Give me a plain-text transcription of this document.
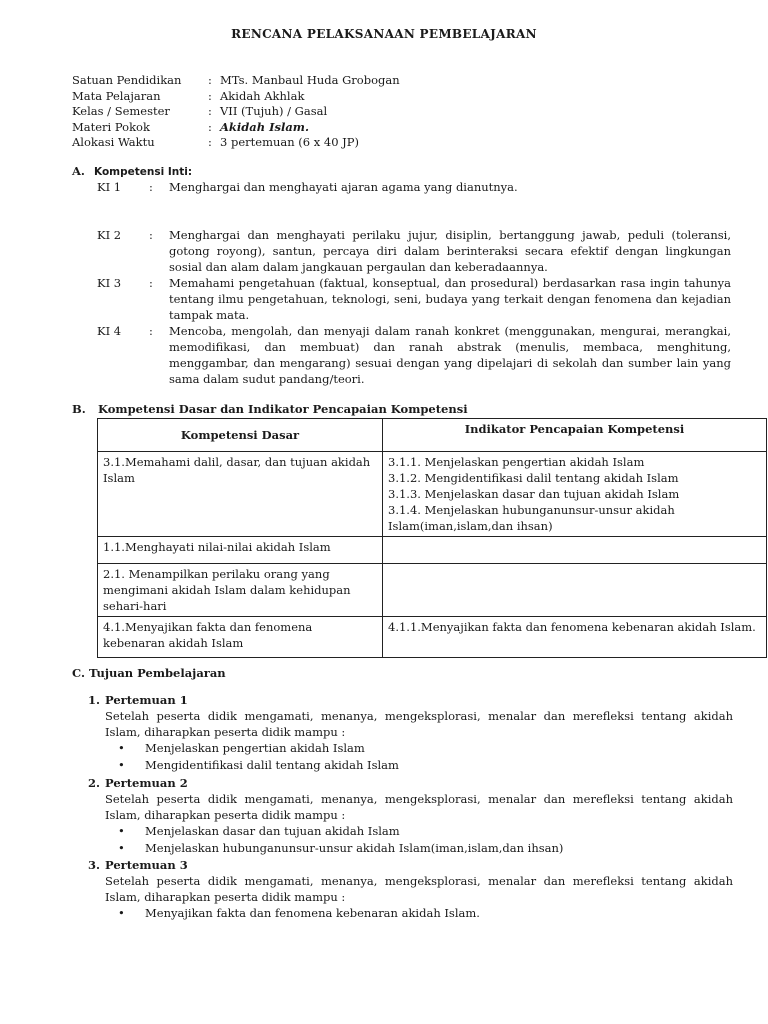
RENCANA PELAKSANAAN PEMBELAJARAN
Satuan Pendidikan	: MTs. Manbaul Huda Grobogan
Mata Pelajaran	: Akidah Akhlak
Kelas / Semester	: VII (Tujuh) / Gasal
Materi Pokok	: Akidah Islam.
Alokasi Waktu	: 3 pertemuan (6 x 40 JP)
A. Kompetensi Inti:
KI 1	:	Menghargai dan menghayati ajaran agama yang dianutnya.
KI 2	:	Menghargai dan menghayati perilaku jujur, disiplin, bertanggung jawab, peduli (toleransi, gotong royong), santun, percaya diri dalam berinteraksi secara efektif dengan lingkungan sosial dan alam dalam jangkauan pergaulan dan keberadaannya.
KI 3	:	Memahami pengetahuan (faktual, konseptual, dan prosedural) berdasarkan rasa ingin tahunya tentang ilmu pengetahuan, teknologi, seni, budaya yang terkait dengan fenomena dan kejadian tampak mata.
KI 4	:	Mencoba, mengolah, dan menyaji dalam ranah konkret (menggunakan, mengurai, merangkai, memodifikasi, dan membuat) dan ranah abstrak (menulis, membaca, menghitung, menggambar, dan mengarang) sesuai dengan yang dipelajari di sekolah dan sumber lain yang sama dalam sudut pandang/teori.
B. Kompetensi Dasar dan Indikator Pencapaian Kompetensi
Kompetensi Dasar	Indikator Pencapaian Kompetensi
3.1.Memahami dalil, dasar, dan tujuan akidah Islam	3.1.1. Menjelaskan pengertian akidah Islam
3.1.2. Mengidentifikasi dalil tentang akidah Islam
3.1.3. Menjelaskan dasar dan tujuan akidah Islam
3.1.4. Menjelaskan hubunganunsur-unsur akidah Islam(iman,islam,dan ihsan)

1.1.Menghayati nilai-nilai akidah Islam	
2.1. Menampilkan perilaku orang yang mengimani akidah Islam dalam kehidupan sehari-hari	
4.1.Menyajikan fakta dan fenomena kebenaran akidah Islam	4.1.1.Menyajikan fakta dan fenomena kebenaran akidah Islam.
C. Tujuan Pembelajaran
1. Pertemuan 1
Setelah peserta didik mengamati, menanya, mengeksplorasi, menalar dan merefleksi tentang akidah Islam, diharapkan peserta didik mampu :
• Menjelaskan pengertian akidah Islam
• Mengidentifikasi dalil tentang akidah Islam
2. Pertemuan 2
Setelah peserta didik mengamati, menanya, mengeksplorasi, menalar dan merefleksi tentang akidah Islam, diharapkan peserta didik mampu :
• Menjelaskan dasar dan tujuan akidah Islam
• Menjelaskan hubunganunsur-unsur akidah Islam(iman,islam,dan ihsan)
3. Pertemuan 3
Setelah peserta didik mengamati, menanya, mengeksplorasi, menalar dan merefleksi tentang akidah Islam, diharapkan peserta didik mampu :
• Menyajikan fakta dan fenomena kebenaran akidah Islam.
